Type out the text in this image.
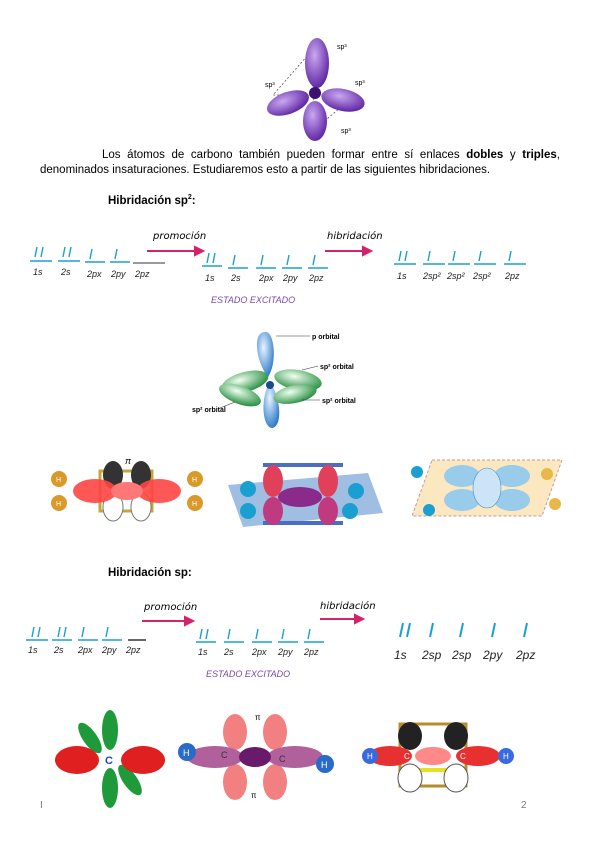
sp³
sp³	sp³
sp³
Los átomos de carbono también pueden formar entre sí enlaces dobles y triples, denominados insaturaciones. Estudiaremos esto a partir de las siguientes hibridaciones.
Hibridación $sp^2$:
promoción	hibridación
1s 2s 2px 2py 2pz	1s 2s 2px 2py 2pz	1s 2sp² 2sp² 2sp² 2pz
ESTADO EXCITADO
p orbital
sp² orbital
sp² orbital
sp² orbital
π
H
H
H
H
Hibridación sp:
promoción	hibridación
1s 2s 2px 2py 2pz	1s 2s 2px 2py 2pz	1s 2sp 2sp 2py 2pz
ESTADO EXCITADO
C
H
H
C	C
π
π
H	H
C	C
I	2
